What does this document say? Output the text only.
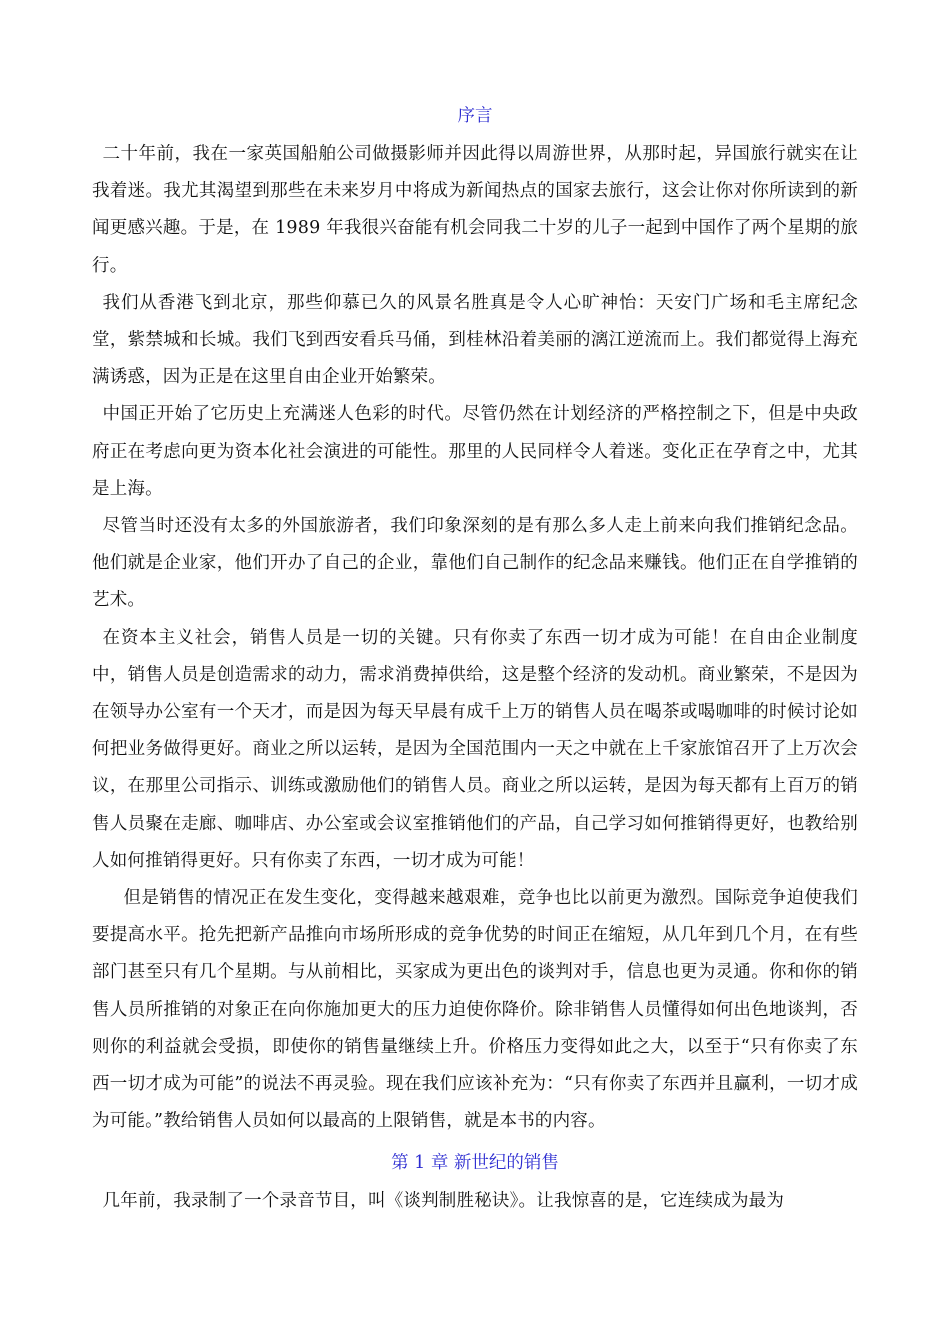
序言

二十年前，我在一家英国船舶公司做摄影师并因此得以周游世界，从那时起，异国旅行就实在让我着迷。我尤其渴望到那些在未来岁月中将成为新闻热点的国家去旅行，这会让你对你所读到的新闻更感兴趣。于是，在 1989 年我很兴奋能有机会同我二十岁的儿子一起到中国作了两个星期的旅行。

我们从香港飞到北京，那些仰慕已久的风景名胜真是令人心旷神怡：天安门广场和毛主席纪念堂，紫禁城和长城。我们飞到西安看兵马俑，到桂林沿着美丽的漓江逆流而上。我们都觉得上海充满诱惑，因为正是在这里自由企业开始繁荣。

中国正开始了它历史上充满迷人色彩的时代。尽管仍然在计划经济的严格控制之下，但是中央政府正在考虑向更为资本化社会演进的可能性。那里的人民同样令人着迷。变化正在孕育之中，尤其是上海。

尽管当时还没有太多的外国旅游者，我们印象深刻的是有那么多人走上前来向我们推销纪念品。他们就是企业家，他们开办了自己的企业，靠他们自己制作的纪念品来赚钱。他们正在自学推销的艺术。

在资本主义社会，销售人员是一切的关键。只有你卖了东西一切才成为可能！在自由企业制度中，销售人员是创造需求的动力，需求消费掉供给，这是整个经济的发动机。商业繁荣，不是因为在领导办公室有一个天才，而是因为每天早晨有成千上万的销售人员在喝茶或喝咖啡的时候讨论如何把业务做得更好。商业之所以运转，是因为全国范围内一天之中就在上千家旅馆召开了上万次会议，在那里公司指示、训练或激励他们的销售人员。商业之所以运转，是因为每天都有上百万的销售人员聚在走廊、咖啡店、办公室或会议室推销他们的产品，自己学习如何推销得更好，也教给别人如何推销得更好。只有你卖了东西，一切才成为可能！

但是销售的情况正在发生变化，变得越来越艰难，竞争也比以前更为激烈。国际竞争迫使我们要提高水平。抢先把新产品推向市场所形成的竞争优势的时间正在缩短，从几年到几个月，在有些部门甚至只有几个星期。与从前相比，买家成为更出色的谈判对手，信息也更为灵通。你和你的销售人员所推销的对象正在向你施加更大的压力迫使你降价。除非销售人员懂得如何出色地谈判，否则你的利益就会受损，即使你的销售量继续上升。价格压力变得如此之大，以至于“只有你卖了东西一切才成为可能”的说法不再灵验。现在我们应该补充为：“只有你卖了东西并且赢利，一切才成为可能。”教给销售人员如何以最高的上限销售，就是本书的内容。

第 1 章 新世纪的销售

几年前，我录制了一个录音节目，叫《谈判制胜秘诀》。让我惊喜的是，它连续成为最为
